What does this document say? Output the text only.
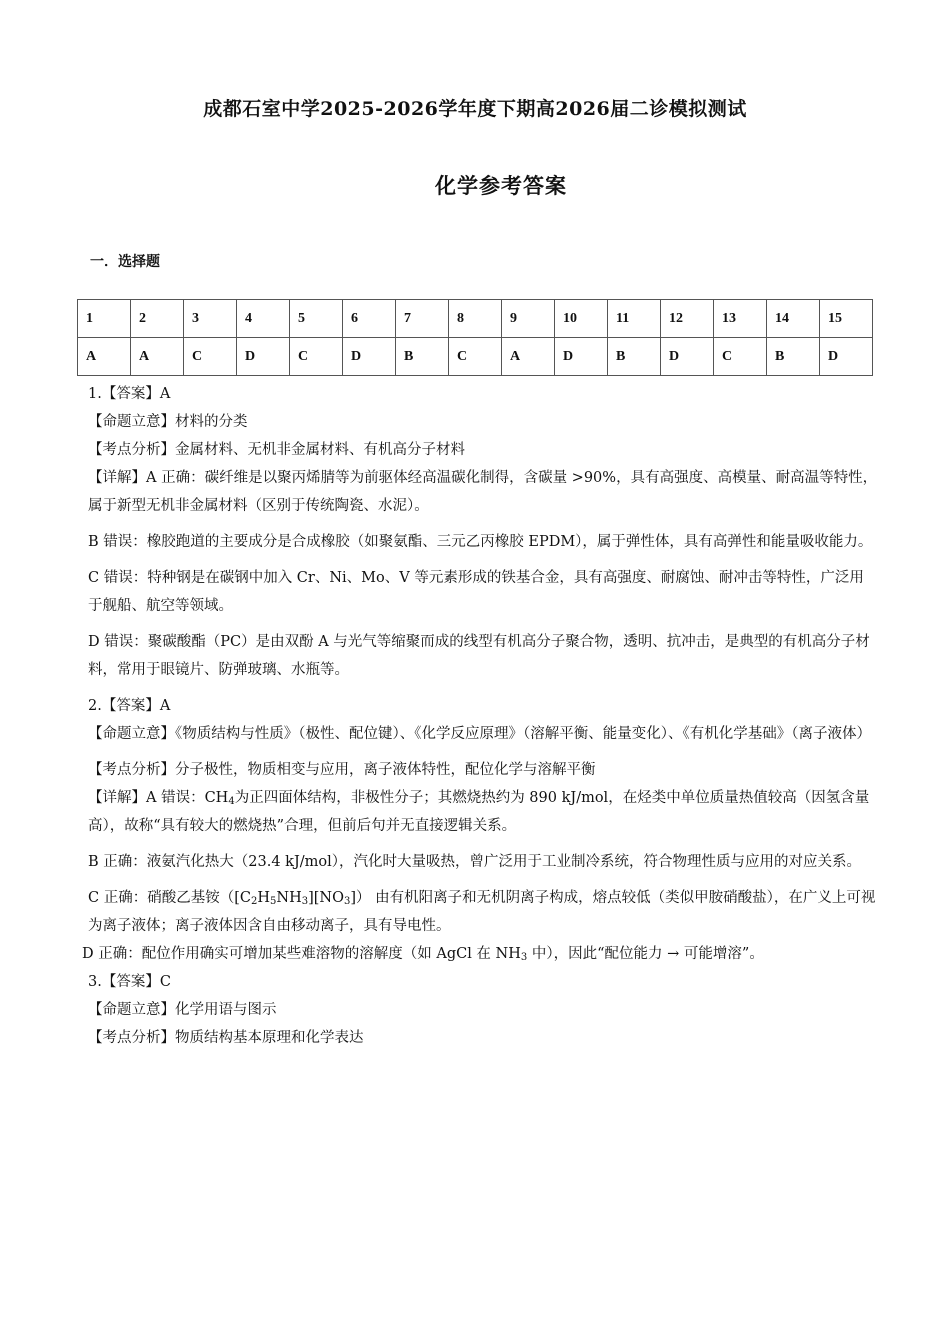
成都石室中学2025-2026学年度下期高2026届二诊模拟测试
化学参考答案
一．选择题
1	2	3	4	5	6	7	8	9	10	11	12	13	14	15
A	A	C	D	C	D	B	C	A	D	B	D	C	B	D

1.【答案】A

【命题立意】材料的分类

【考点分析】金属材料、无机非金属材料、有机高分子材料

【详解】A 正确：碳纤维是以聚丙烯腈等为前驱体经高温碳化制得，含碳量 >90%，具有高强度、高模量、耐高温等特性，属于新型无机非金属材料（区别于传统陶瓷、水泥）。

B 错误：橡胶跑道的主要成分是合成橡胶（如聚氨酯、三元乙丙橡胶 EPDM），属于弹性体，具有高弹性和能量吸收能力。

C 错误：特种钢是在碳钢中加入 Cr、Ni、Mo、V 等元素形成的铁基合金，具有高强度、耐腐蚀、耐冲击等特性，广泛用于舰船、航空等领域。

D 错误：聚碳酸酯（PC）是由双酚 A 与光气等缩聚而成的线型有机高分子聚合物，透明、抗冲击，是典型的有机高分子材料，常用于眼镜片、防弹玻璃、水瓶等。

2.【答案】A

【命题立意】《物质结构与性质》（极性、配位键）、《化学反应原理》（溶解平衡、能量变化）、《有机化学基础》（离子液体）

【考点分析】分子极性，物质相变与应用，离子液体特性，配位化学与溶解平衡

【详解】A 错误：$CH_4$为正四面体结构，非极性分子；其燃烧热约为 890 kJ/mol，在烃类中单位质量热值较高（因氢含量高），故称“具有较大的燃烧热”合理，但前后句并无直接逻辑关系。

B 正确：液氨汽化热大（23.4 kJ/mol），汽化时大量吸热，曾广泛用于工业制冷系统，符合物理性质与应用的对应关系。

C 正确：硝酸乙基铵$([C_2H_5NH_3][NO_3])$ 由有机阳离子和无机阴离子构成，熔点较低（类似甲胺硝酸盐），在广义上可视为离子液体；离子液体因含自由移动离子，具有导电性。

D 正确：配位作用确实可增加某些难溶物的溶解度（如 AgCl 在 $NH_3$ 中），因此“配位能力 → 可能增溶”。

3.【答案】C

【命题立意】化学用语与图示

【考点分析】物质结构基本原理和化学表达
